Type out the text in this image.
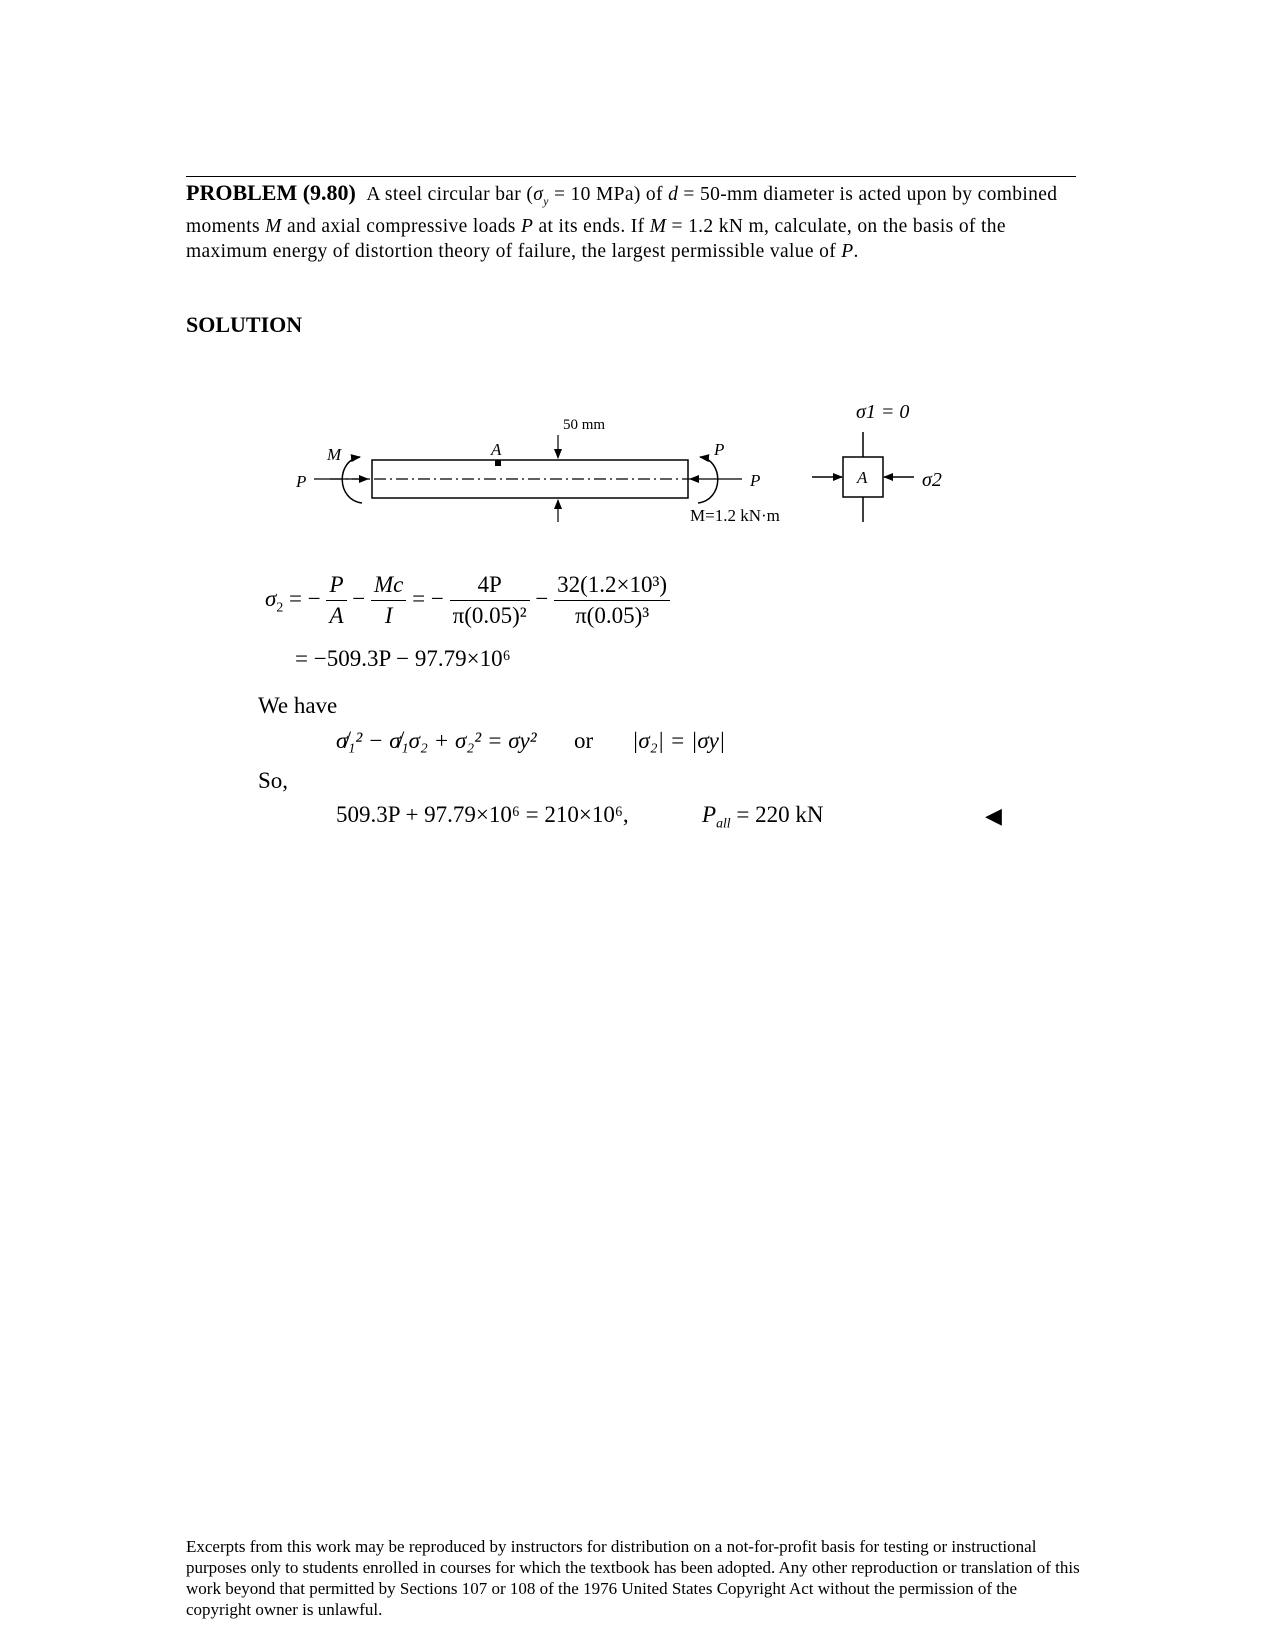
PROBLEM (9.80) A steel circular bar ($\sigma_y = 10$ MPa) of d = 50-mm diameter is acted upon by combined moments M and axial compressive loads P at its ends. If M = 1.2 kN m, calculate, on the basis of the maximum energy of distortion theory of failure, the largest permissible value of P.
SOLUTION
A
50 mm
P
M
P
P
M=1.2 kN·m
A
σ1 = 0
σ2
$\sigma_2$ = − $\frac{P}{A} - \frac{Mc}{I}$ = − $\frac{4P}{\text{π(0.05)²}} - \frac{\text{32(1.2×10³)}}{\text{π(0.05)³}}$
= −509.3P − 97.79×10⁶
We have
σ̸₁² − σ̸₁σ₂ + σ₂² = σy² or |σ₂| = |σy|
So,
509.3P + 97.79×10⁶ = 210×10⁶,	$P_{all} = 220$ kN	◀
Excerpts from this work may be reproduced by instructors for distribution on a not-for-profit basis for testing or instructional purposes only to students enrolled in courses for which the textbook has been adopted. Any other reproduction or translation of this work beyond that permitted by Sections 107 or 108 of the 1976 United States Copyright Act without the permission of the copyright owner is unlawful.
